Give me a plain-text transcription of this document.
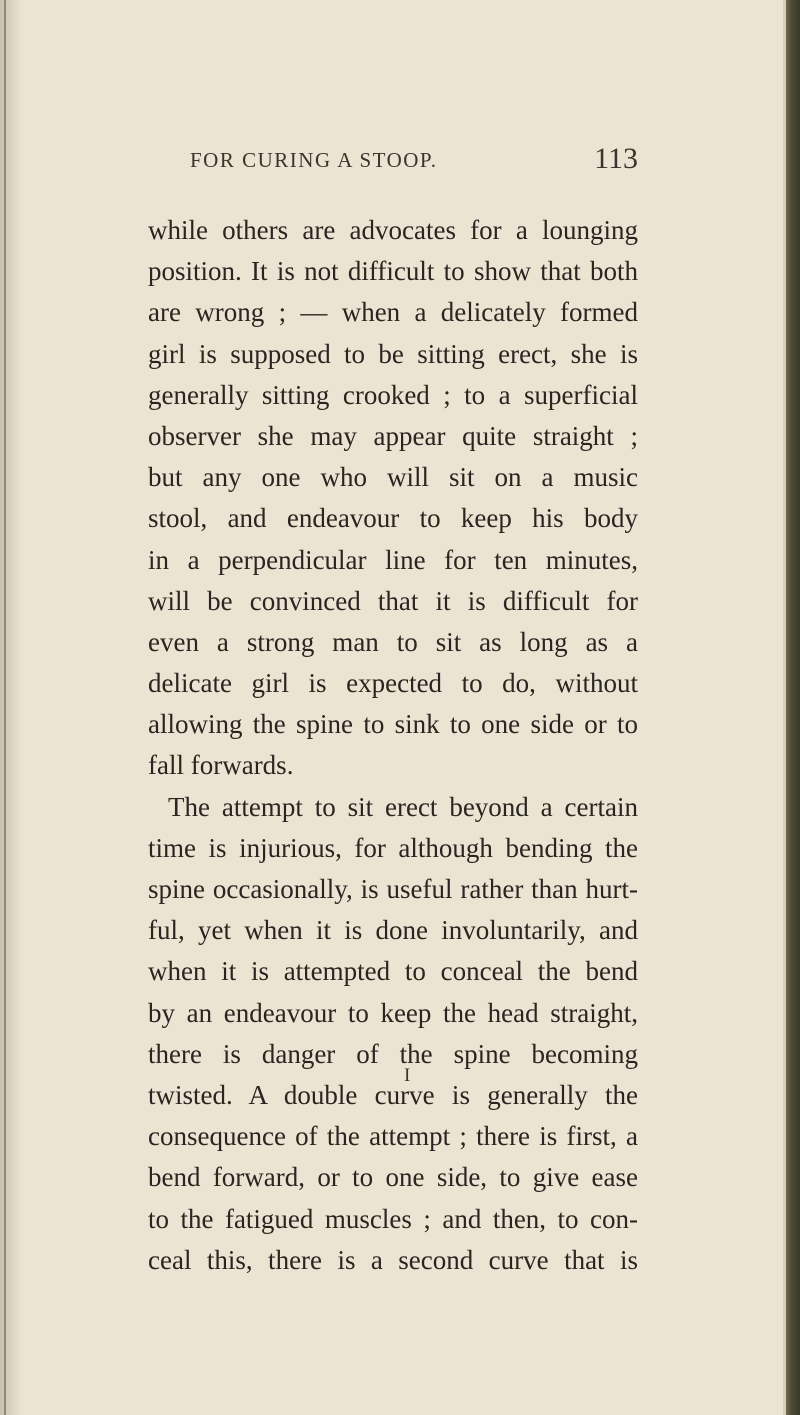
FOR CURING A STOOP.	113
while others are advocates for a lounging
position. It is not difficult to show that both
are wrong ; — when a delicately formed
girl is supposed to be sitting erect, she is
generally sitting crooked ; to a superficial
observer she may appear quite straight ;
but any one who will sit on a music
stool, and endeavour to keep his body
in a perpendicular line for ten minutes,
will be convinced that it is difficult for
even a strong man to sit as long as a
delicate girl is expected to do, without
allowing the spine to sink to one side or to
fall forwards.
The attempt to sit erect beyond a certain
time is injurious, for although bending the
spine occasionally, is useful rather than hurt-
ful, yet when it is done involuntarily, and
when it is attempted to conceal the bend
by an endeavour to keep the head straight,
there is danger of the spine becoming
twisted. A double curve is generally the
consequence of the attempt ; there is first, a
bend forward, or to one side, to give ease
to the fatigued muscles ; and then, to con-
ceal this, there is a second curve that is
I
